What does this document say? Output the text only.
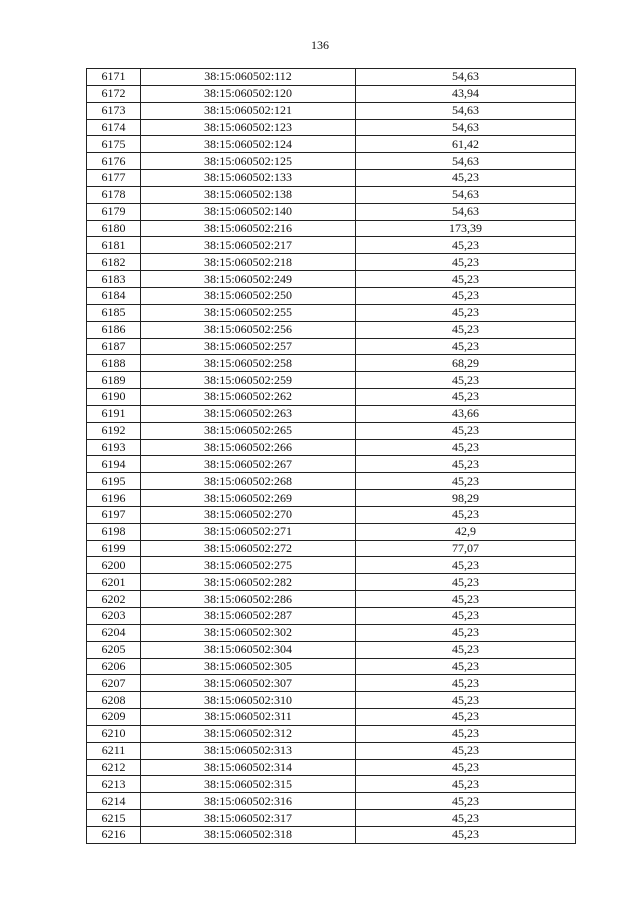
136
6171	38:15:060502:112	54,63
6172	38:15:060502:120	43,94
6173	38:15:060502:121	54,63
6174	38:15:060502:123	54,63
6175	38:15:060502:124	61,42
6176	38:15:060502:125	54,63
6177	38:15:060502:133	45,23
6178	38:15:060502:138	54,63
6179	38:15:060502:140	54,63
6180	38:15:060502:216	173,39
6181	38:15:060502:217	45,23
6182	38:15:060502:218	45,23
6183	38:15:060502:249	45,23
6184	38:15:060502:250	45,23
6185	38:15:060502:255	45,23
6186	38:15:060502:256	45,23
6187	38:15:060502:257	45,23
6188	38:15:060502:258	68,29
6189	38:15:060502:259	45,23
6190	38:15:060502:262	45,23
6191	38:15:060502:263	43,66
6192	38:15:060502:265	45,23
6193	38:15:060502:266	45,23
6194	38:15:060502:267	45,23
6195	38:15:060502:268	45,23
6196	38:15:060502:269	98,29
6197	38:15:060502:270	45,23
6198	38:15:060502:271	42,9
6199	38:15:060502:272	77,07
6200	38:15:060502:275	45,23
6201	38:15:060502:282	45,23
6202	38:15:060502:286	45,23
6203	38:15:060502:287	45,23
6204	38:15:060502:302	45,23
6205	38:15:060502:304	45,23
6206	38:15:060502:305	45,23
6207	38:15:060502:307	45,23
6208	38:15:060502:310	45,23
6209	38:15:060502:311	45,23
6210	38:15:060502:312	45,23
6211	38:15:060502:313	45,23
6212	38:15:060502:314	45,23
6213	38:15:060502:315	45,23
6214	38:15:060502:316	45,23
6215	38:15:060502:317	45,23
6216	38:15:060502:318	45,23
